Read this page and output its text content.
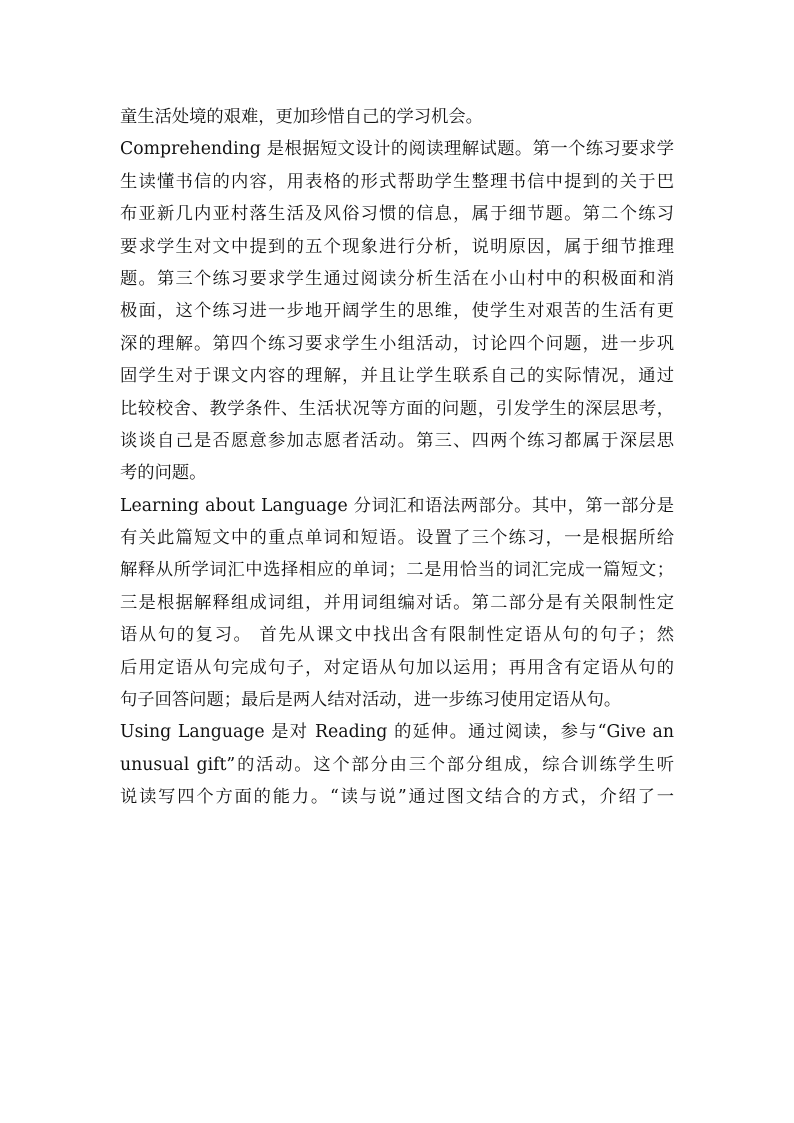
童生活处境的艰难，更加珍惜自己的学习机会。
Comprehending 是根据短文设计的阅读理解试题。第一个练习要求学
生读懂书信的内容，用表格的形式帮助学生整理书信中提到的关于巴
布亚新几内亚村落生活及风俗习惯的信息，属于细节题。第二个练习
要求学生对文中提到的五个现象进行分析，说明原因，属于细节推理
题。第三个练习要求学生通过阅读分析生活在小山村中的积极面和消
极面，这个练习进一步地开阔学生的思维，使学生对艰苦的生活有更
深的理解。第四个练习要求学生小组活动，讨论四个问题，进一步巩
固学生对于课文内容的理解，并且让学生联系自己的实际情况，通过
比较校舍、教学条件、生活状况等方面的问题，引发学生的深层思考，
谈谈自己是否愿意参加志愿者活动。第三、四两个练习都属于深层思
考的问题。
Learning about Language 分词汇和语法两部分。其中，第一部分是
有关此篇短文中的重点单词和短语。设置了三个练习，一是根据所给
解释从所学词汇中选择相应的单词；二是用恰当的词汇完成一篇短文；
三是根据解释组成词组，并用词组编对话。第二部分是有关限制性定
语从句的复习。 首先从课文中找出含有限制性定语从句的句子；然
后用定语从句完成句子，对定语从句加以运用；再用含有定语从句的
句子回答问题；最后是两人结对活动，进一步练习使用定语从句。
Using Language 是对 Reading 的延伸。通过阅读，参与“Give an
unusual gift”的活动。这个部分由三个部分组成，综合训练学生听
说读写四个方面的能力。“读与说”通过图文结合的方式，介绍了一
